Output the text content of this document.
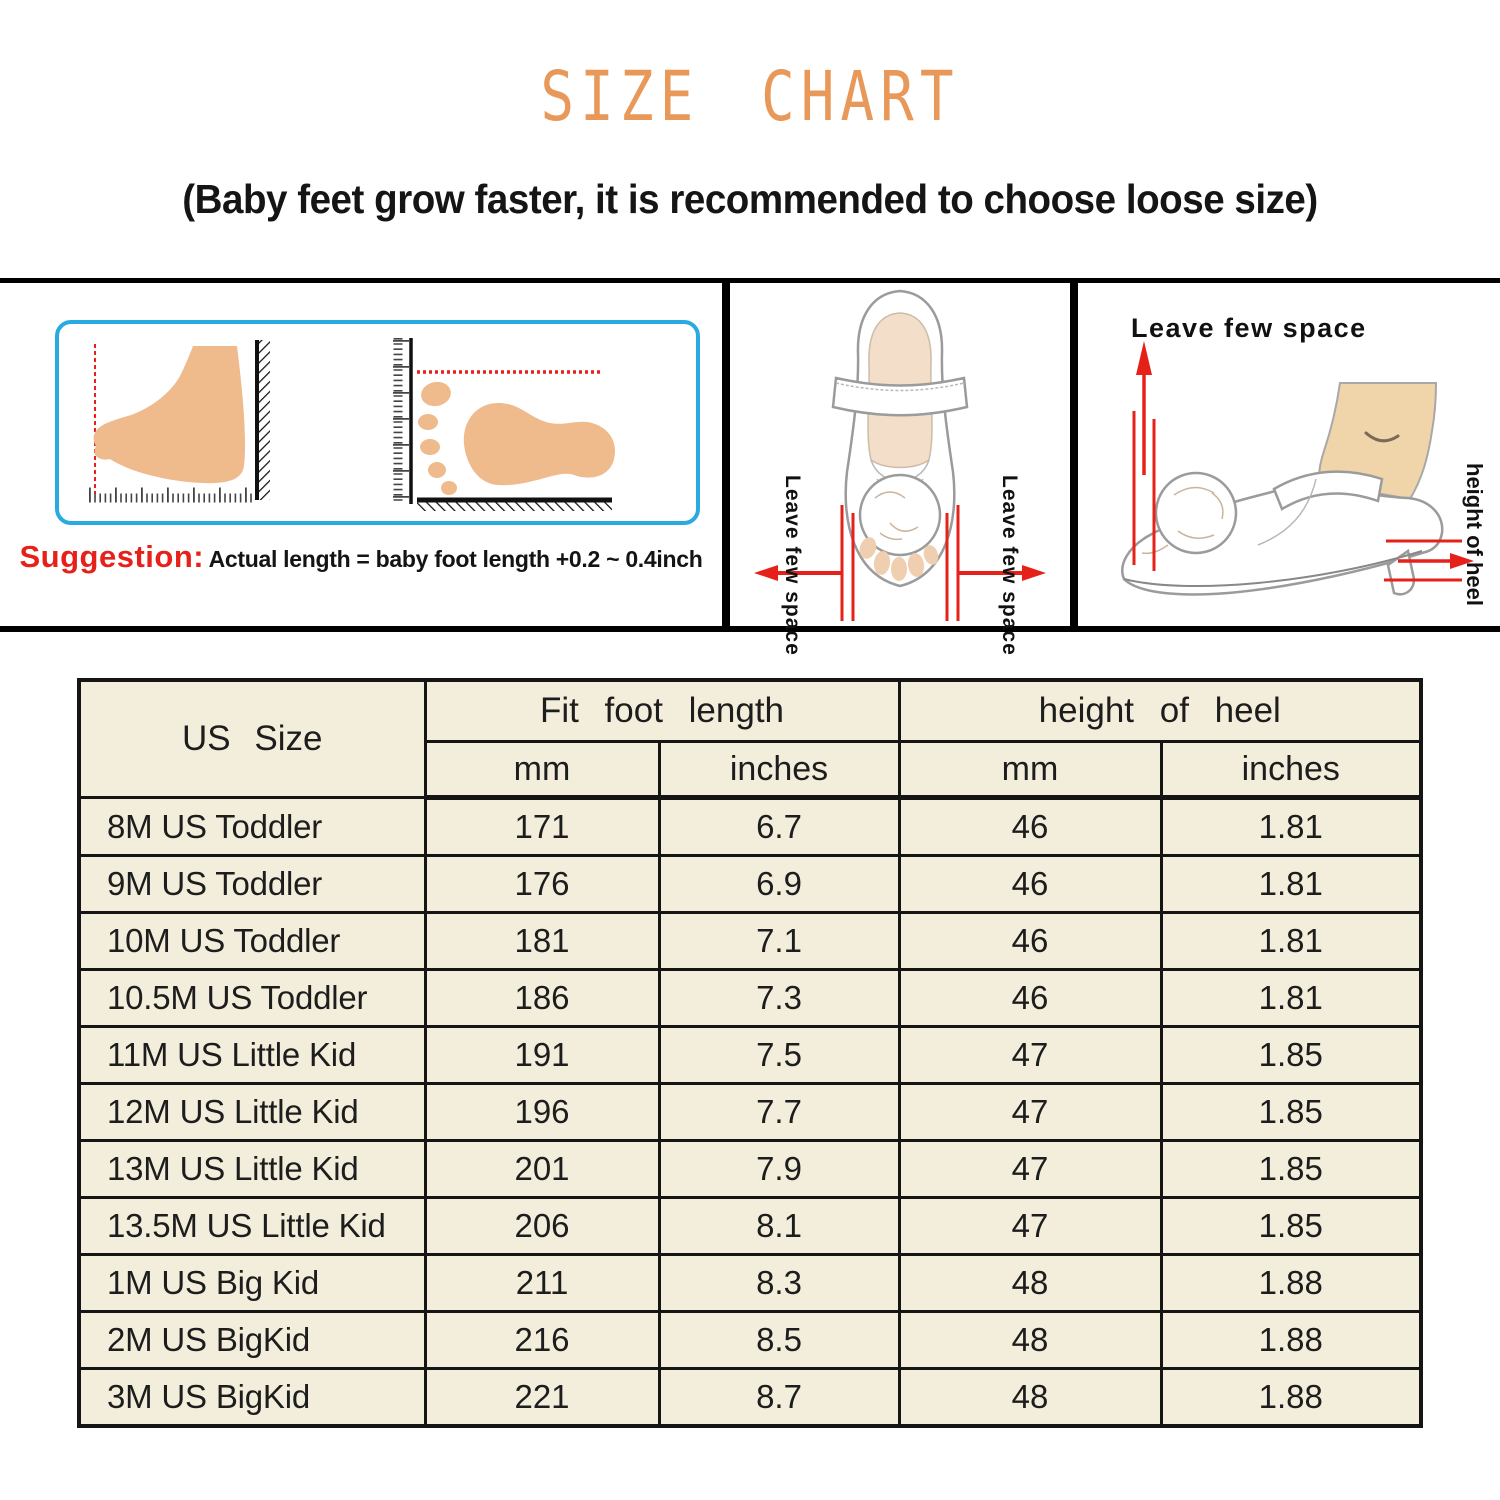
SIZE CHART
(Baby feet grow faster, it is recommended to choose loose size)
Suggestion: Actual length = baby foot length +0.2 ~ 0.4inch	Leave few space	Leave few space
Leave few space
height of heel
US Size	Fit foot length		height of heel	
	mm	inches	mm	inches
8M US Toddler	171	6.7	46	1.81
9M US Toddler	176	6.9	46	1.81
10M US Toddler	181	7.1	46	1.81
10.5M US Toddler	186	7.3	46	1.81
11M US Little Kid	191	7.5	47	1.85
12M US Little Kid	196	7.7	47	1.85
13M US Little Kid	201	7.9	47	1.85
13.5M US Little Kid	206	8.1	47	1.85
1M US Big Kid	211	8.3	48	1.88
2M US BigKid	216	8.5	48	1.88
3M US BigKid	221	8.7	48	1.88
